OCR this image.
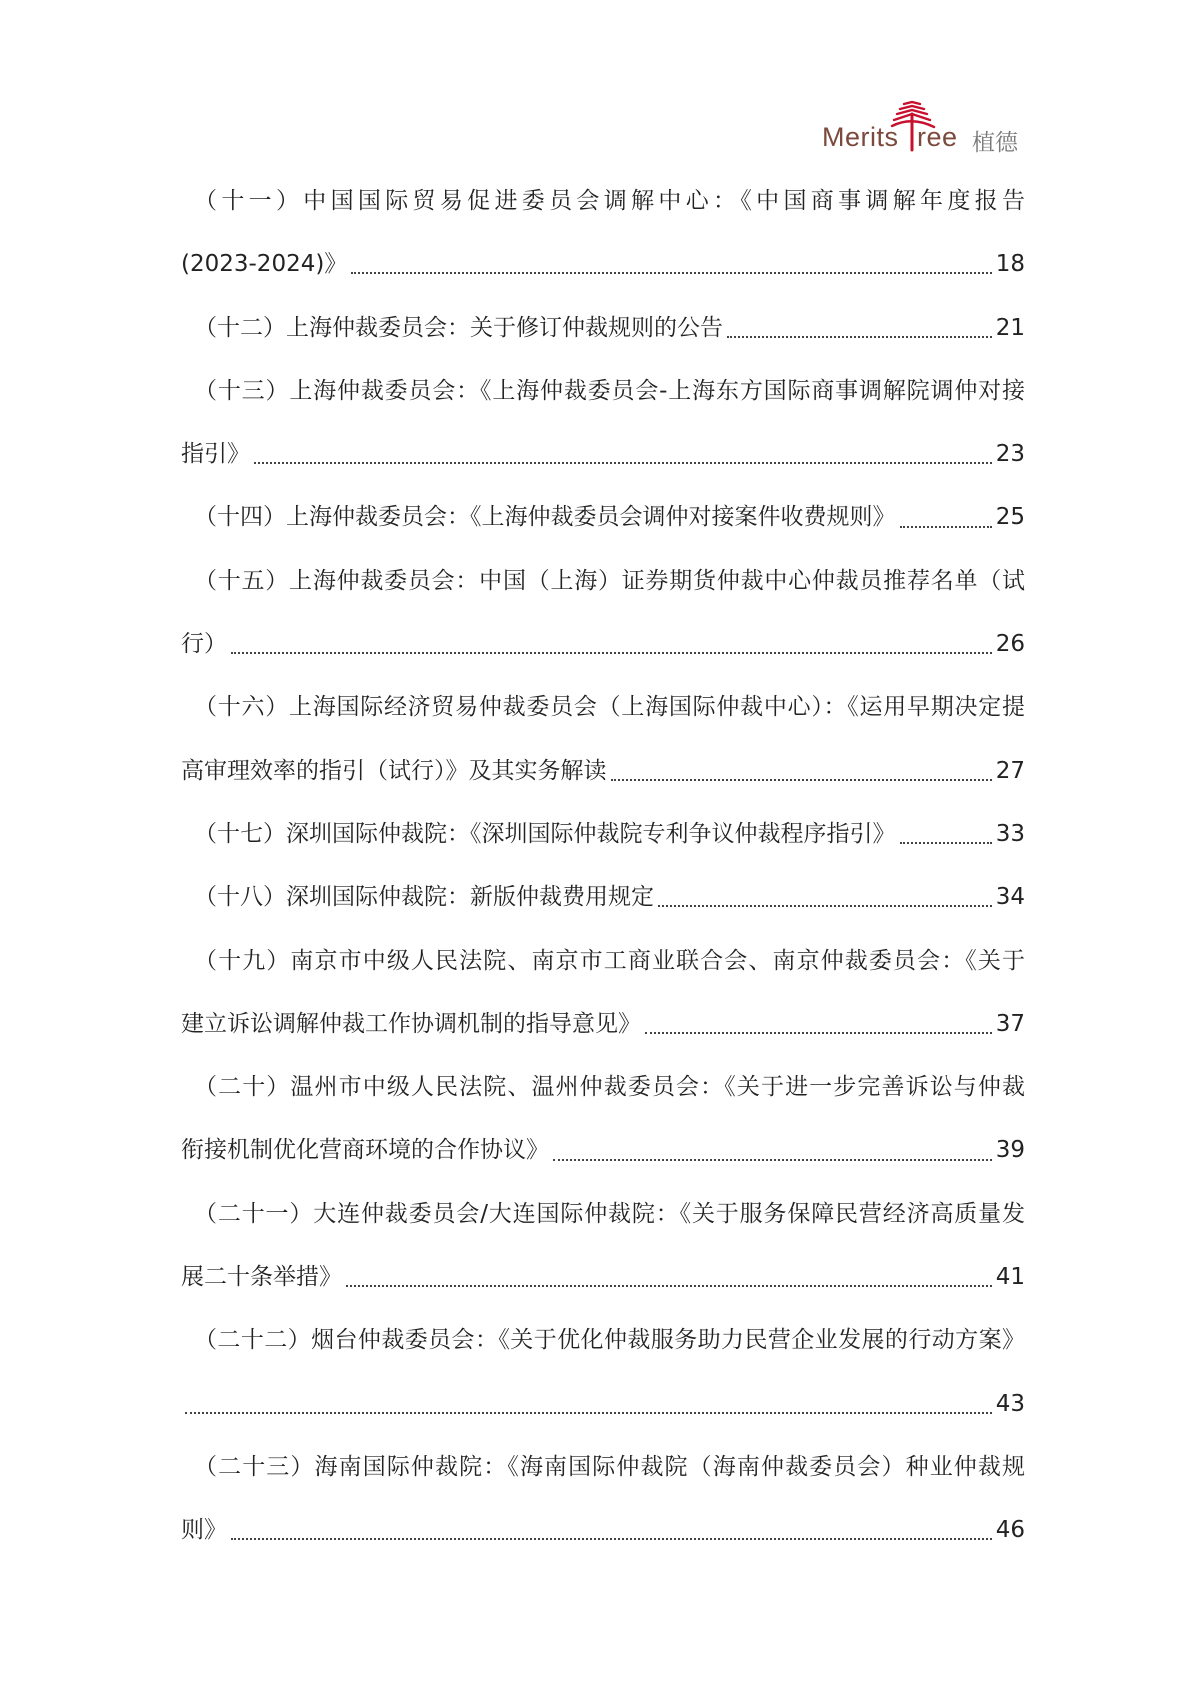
Merits ree 植德
（十一）中国国际贸易促进委员会调解中心：《中国商事调解年度报告
(2023-2024)》	18
（十二）上海仲裁委员会：关于修订仲裁规则的公告	21
（十三）上海仲裁委员会：《上海仲裁委员会-上海东方国际商事调解院调仲对接
指引》	23
（十四）上海仲裁委员会：《上海仲裁委员会调仲对接案件收费规则》	25
（十五）上海仲裁委员会：中国（上海）证券期货仲裁中心仲裁员推荐名单（试
行）	26
（十六）上海国际经济贸易仲裁委员会（上海国际仲裁中心）：《运用早期决定提
高审理效率的指引（试行）》及其实务解读	27
（十七）深圳国际仲裁院：《深圳国际仲裁院专利争议仲裁程序指引》	33
（十八）深圳国际仲裁院：新版仲裁费用规定	34
（十九）南京市中级人民法院、南京市工商业联合会、南京仲裁委员会：《关于
建立诉讼调解仲裁工作协调机制的指导意见》	37
（二十）温州市中级人民法院、温州仲裁委员会：《关于进一步完善诉讼与仲裁
衔接机制优化营商环境的合作协议》	39
（二十一）大连仲裁委员会/大连国际仲裁院：《关于服务保障民营经济高质量发
展二十条举措》	41
（二十二）烟台仲裁委员会：《关于优化仲裁服务助力民营企业发展的行动方案》
43
（二十三）海南国际仲裁院：《海南国际仲裁院（海南仲裁委员会）种业仲裁规
则》	46
